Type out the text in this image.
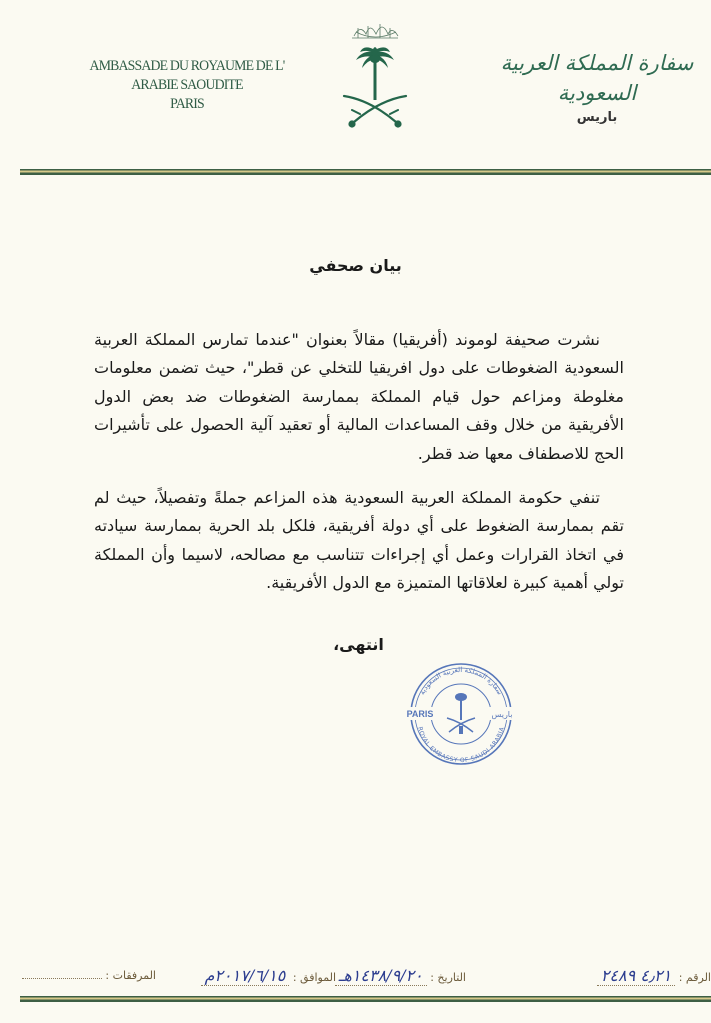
AMBASSADE DU ROYAUME DE L' ARABIE SAOUDITE
PARIS
سفارة المملكة العربية السعودية
باريس
بيان صحفي
نشرت صحيفة لوموند (أفريقيا) مقالاً بعنوان "عندما تمارس المملكة العربية السعودية الضغوطات على دول افريقيا للتخلي عن قطر"، حيث تضمن معلومات مغلوطة ومزاعم حول قيام المملكة بممارسة الضغوطات ضد بعض الدول الأفريقية من خلال وقف المساعدات المالية أو تعقيد آلية الحصول على تأشيرات الحج للاصطفاف معها ضد قطر.
تنفي حكومة المملكة العربية السعودية هذه المزاعم جملةً وتفصيلاً، حيث لم تقم بممارسة الضغوط على أي دولة أفريقية، فلكل بلد الحرية بممارسة سيادته في اتخاذ القرارات وعمل أي إجراءات تتناسب مع مصالحه، لاسيما وأن المملكة تولي أهمية كبيرة لعلاقاتها المتميزة مع الدول الأفريقية.
انتهى،
سفارة المملكة العربية السعودية
ROYAL EMBASSY OF SAUDI ARABIA
PARIS	باريس
الرقم : ٤٫٢١ ٢٤٨٩
التاريخ : ١٤٣٨/٩/٢٠هـ
الموافق : ٢٠١٧/٦/١٥م
المرفقات :
